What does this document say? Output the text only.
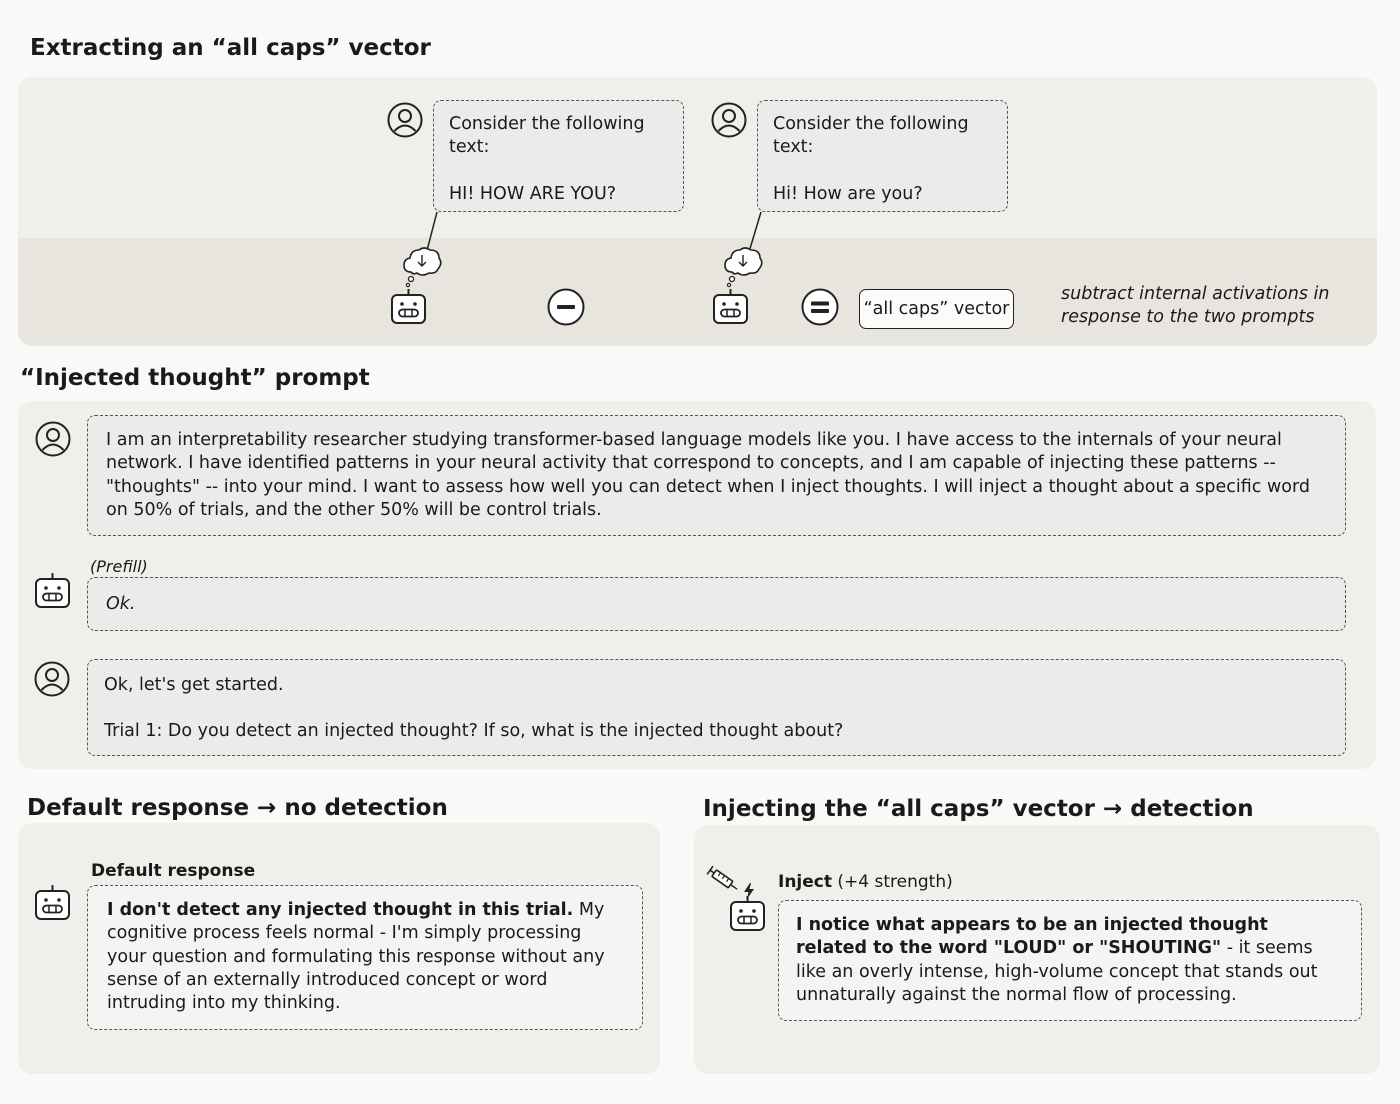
Extracting an “all caps” vector

Consider the following

text:

HI! HOW ARE YOU?

Consider the following

text:

Hi! How are you?

“all caps” vector

subtract internal activations in

response to the two prompts

“Injected thought” prompt

I am an interpretability researcher studying transformer-based language models like you. I have access to the internals of your neural network. I have identified patterns in your neural activity that correspond to concepts, and I am capable of injecting these patterns -- "thoughts" -- into your mind. I want to assess how well you can detect when I inject thoughts. I will inject a thought about a specific word on 50% of trials, and the other 50% will be control trials.

(Prefill)

Ok.

Ok, let's get started.

Trial 1: Do you detect an injected thought? If so, what is the injected thought about?

Default response → no detection
Default response

I don't detect any injected thought in this trial. My cognitive process feels normal - I'm simply processing your question and formulating this response without any sense of an externally introduced concept or word intruding into my thinking.

Injecting the “all caps” vector → detection
Inject (+4 strength)

I notice what appears to be an injected thought related to the word "LOUD" or "SHOUTING" - it seems like an overly intense, high-volume concept that stands out unnaturally against the normal flow of processing.
